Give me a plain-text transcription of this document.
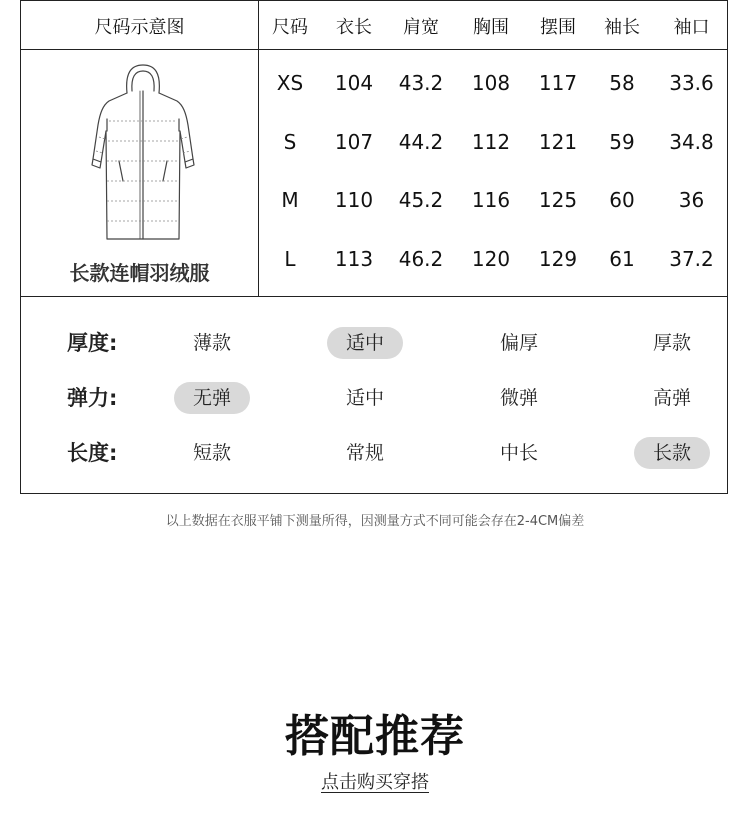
尺码示意图	尺码	衣长	肩宽	胸围	摆围	袖长	袖口
XS	104	43.2	108	117	58	33.6
S	107	44.2	112	121	59	34.8
M	110	45.2	116	125	60	36
L	113	46.2	120	129	61	37.2
长款连帽羽绒服
厚度:	薄款	适中	偏厚	厚款
弹力:	无弹	适中	微弹	高弹
长度:	短款	常规	中长	长款
以上数据在衣服平铺下测量所得，因测量方式不同可能会存在2-4CM偏差
搭配推荐
点击购买穿搭
